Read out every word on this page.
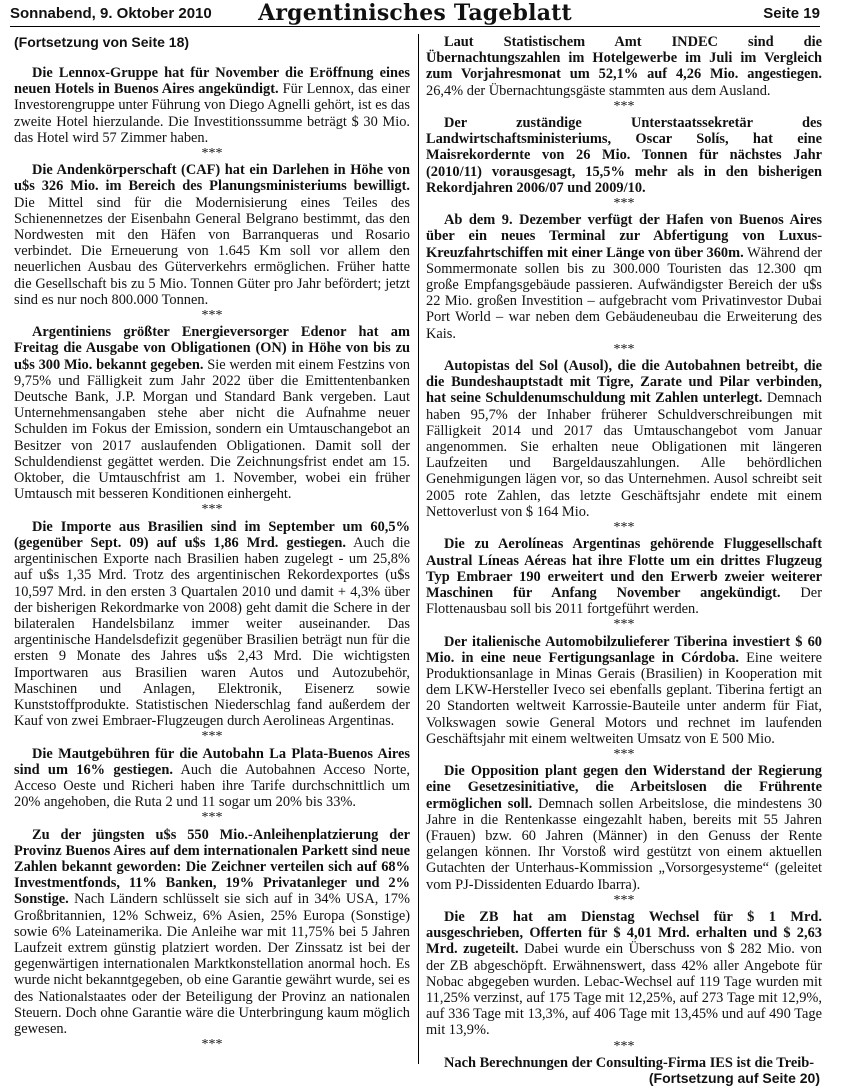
Sonnabend, 9. Oktober 2010	Argentinisches Tageblatt	Seite 19
(Fortsetzung von Seite 18)

Die Lennox-Gruppe hat für November die Eröffnung eines neuen Hotels in Buenos Aires angekündigt. Für Lennox, das einer Investorengruppe unter Führung von Diego Agnelli gehört, ist es das zweite Hotel hierzulande. Die Investitionssumme beträgt $ 30 Mio. das Hotel wird 57 Zimmer haben.

***

Die Andenkörperschaft (CAF) hat ein Darlehen in Höhe von u$s 326 Mio. im Bereich des Planungsministeriums bewilligt. Die Mittel sind für die Modernisierung eines Teiles des Schienennetzes der Eisenbahn General Belgrano bestimmt, das den Nordwesten mit den Häfen von Barranqueras und Rosario verbindet. Die Erneuerung von 1.645 Km soll vor allem den neuerlichen Ausbau des Güterverkehrs ermöglichen. Früher hatte die Gesellschaft bis zu 5 Mio. Tonnen Güter pro Jahr befördert; jetzt sind es nur noch 800.000 Tonnen.

***

Argentiniens größter Energieversorger Edenor hat am Freitag die Ausgabe von Obligationen (ON) in Höhe von bis zu u$s 300 Mio. bekannt gegeben. Sie werden mit einem Festzins von 9,75% und Fälligkeit zum Jahr 2022 über die Emittentenbanken Deutsche Bank, J.P. Morgan und Standard Bank vergeben. Laut Unternehmensangaben stehe aber nicht die Aufnahme neuer Schulden im Fokus der Emission, sondern ein Umtauschangebot an Besitzer von 2017 auslaufenden Obligationen. Damit soll der Schuldendienst gegättet werden. Die Zeichnungsfrist endet am 15. Oktober, die Umtauschfrist am 1. November, wobei ein früher Umtausch mit besseren Konditionen einhergeht.

***

Die Importe aus Brasilien sind im September um 60,5% (gegenüber Sept. 09) auf u$s 1,86 Mrd. gestiegen. Auch die argentinischen Exporte nach Brasilien haben zugelegt - um 25,8% auf u$s 1,35 Mrd. Trotz des argentinischen Rekordexportes (u$s 10,597 Mrd. in den ersten 3 Quartalen 2010 und damit + 4,3% über der bisherigen Rekordmarke von 2008) geht damit die Schere in der bilateralen Handelsbilanz immer weiter auseinander. Das argentinische Handelsdefizit gegenüber Brasilien beträgt nun für die ersten 9 Monate des Jahres u$s 2,43 Mrd. Die wichtigsten Importwaren aus Brasilien waren Autos und Autozubehör, Maschinen und Anlagen, Elektronik, Eisenerz sowie Kunststoffprodukte. Statistischen Niederschlag fand außerdem der Kauf von zwei Embraer-Flugzeugen durch Aerolineas Argentinas.

***

Die Mautgebühren für die Autobahn La Plata-Buenos Aires sind um 16% gestiegen. Auch die Autobahnen Acceso Norte, Acceso Oeste und Richeri haben ihre Tarife durchschnittlich um 20% angehoben, die Ruta 2 und 11 sogar um 20% bis 33%.

***

Zu der jüngsten u$s 550 Mio.-Anleihenplatzierung der Provinz Buenos Aires auf dem internationalen Parkett sind neue Zahlen bekannt geworden: Die Zeichner verteilen sich auf 68% Investmentfonds, 11% Banken, 19% Privatanleger und 2% Sonstige. Nach Ländern schlüsselt sie sich auf in 34% USA, 17% Großbritannien, 12% Schweiz, 6% Asien, 25% Europa (Sonstige) sowie 6% Lateinamerika. Die Anleihe war mit 11,75% bei 5 Jahren Laufzeit extrem günstig platziert worden. Der Zinssatz ist bei der gegenwärtigen internationalen Marktkonstellation anormal hoch. Es wurde nicht bekanntgegeben, ob eine Garantie gewährt wurde, sei es des Nationalstaates oder der Beteiligung der Provinz an nationalen Steuern. Doch ohne Garantie wäre die Unterbringung kaum möglich gewesen.

***

Laut Statistischem Amt INDEC sind die Übernachtungszahlen im Hotelgewerbe im Juli im Vergleich zum Vorjahresmonat um 52,1% auf 4,26 Mio. angestiegen. 26,4% der Übernachtungsgäste stammten aus dem Ausland.

***

Der zuständige Unterstaatssekretär des Landwirtschaftsministeriums, Oscar Solís, hat eine Maisrekordernte von 26 Mio. Tonnen für nächstes Jahr (2010/11) vorausgesagt, 15,5% mehr als in den bisherigen Rekordjahren 2006/07 und 2009/10.

***

Ab dem 9. Dezember verfügt der Hafen von Buenos Aires über ein neues Terminal zur Abfertigung von Luxus-Kreuzfahrtschiffen mit einer Länge von über 360m. Während der Sommermonate sollen bis zu 300.000 Touristen das 12.300 qm große Empfangsgebäude passieren. Aufwändigster Bereich der u$s 22 Mio. großen Investition – aufgebracht vom Privatinvestor Dubai Port World – war neben dem Gebäudeneubau die Erweiterung des Kais.

***

Autopistas del Sol (Ausol), die die Autobahnen betreibt, die die Bundeshauptstadt mit Tigre, Zarate und Pilar verbinden, hat seine Schuldenumschuldung mit Zahlen unterlegt. Demnach haben 95,7% der Inhaber früherer Schuldverschreibungen mit Fälligkeit 2014 und 2017 das Umtauschangebot vom Januar angenommen. Sie erhalten neue Obligationen mit längeren Laufzeiten und Bargeldauszahlungen. Alle behördlichen Genehmigungen lägen vor, so das Unternehmen. Ausol schreibt seit 2005 rote Zahlen, das letzte Geschäftsjahr endete mit einem Nettoverlust von $ 164 Mio.

***

Die zu Aerolíneas Argentinas gehörende Fluggesellschaft Austral Líneas Aéreas hat ihre Flotte um ein drittes Flugzeug Typ Embraer 190 erweitert und den Erwerb zweier weiterer Maschinen für Anfang November angekündigt. Der Flottenausbau soll bis 2011 fortgeführt werden.

***

Der italienische Automobilzulieferer Tiberina investiert $ 60 Mio. in eine neue Fertigungsanlage in Córdoba. Eine weitere Produktionsanlage in Minas Gerais (Brasilien) in Kooperation mit dem LKW-Hersteller Iveco sei ebenfalls geplant. Tiberina fertigt an 20 Standorten weltweit Karrossie-Bauteile unter anderm für Fiat, Volkswagen sowie General Motors und rechnet im laufenden Geschäftsjahr mit einem weltweiten Umsatz von E 500 Mio.

***

Die Opposition plant gegen den Widerstand der Regierung eine Gesetzesinitiative, die Arbeitslosen die Frührente ermöglichen soll. Demnach sollen Arbeitslose, die mindestens 30 Jahre in die Rentenkasse eingezahlt haben, bereits mit 55 Jahren (Frauen) bzw. 60 Jahren (Männer) in den Genuss der Rente gelangen können. Ihr Vorstoß wird gestützt von einem aktuellen Gutachten der Unterhaus-Kommission „Vorsorgesysteme“ (geleitet vom PJ-Dissidenten Eduardo Ibarra).

***

Die ZB hat am Dienstag Wechsel für $ 1 Mrd. ausgeschrieben, Offerten für $ 4,01 Mrd. erhalten und $ 2,63 Mrd. zugeteilt. Dabei wurde ein Überschuss von $ 282 Mio. von der ZB abgeschöpft. Erwähnenswert, dass 42% aller Angebote für Nobac abgegeben wurden. Lebac-Wechsel auf 119 Tage wurden mit 11,25% verzinst, auf 175 Tage mit 12,25%, auf 273 Tage mit 12,9%, auf 336 Tage mit 13,3%, auf 406 Tage mit 13,45% und auf 490 Tage mit 13,9%.

***

Nach Berechnungen der Consulting-Firma IES ist die Treib-

(Fortsetzung auf Seite 20)
